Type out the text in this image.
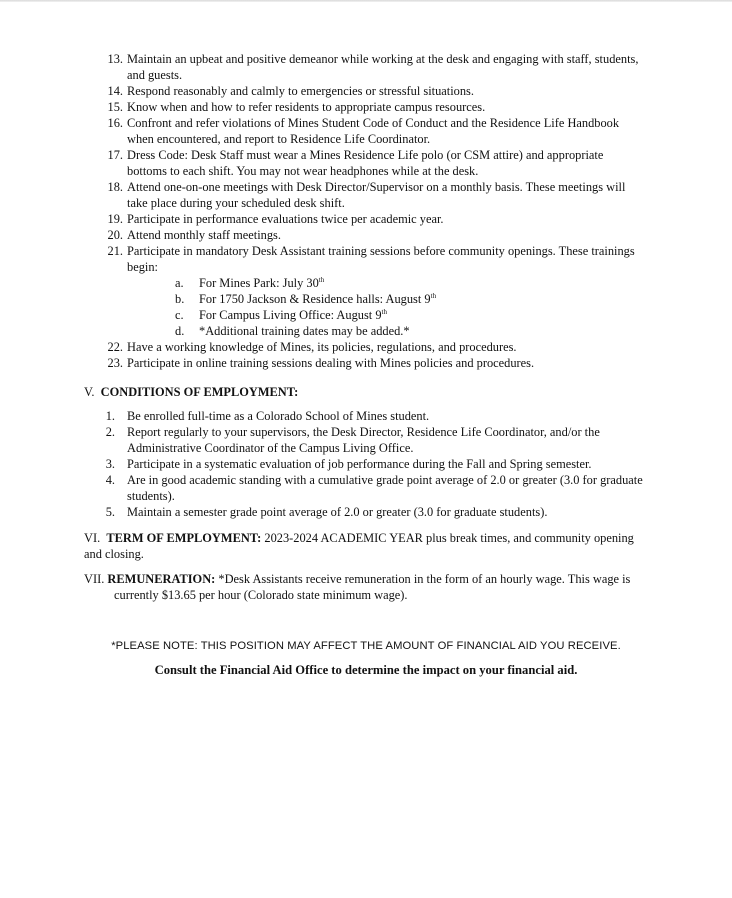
13. Maintain an upbeat and positive demeanor while working at the desk and engaging with staff, students, and guests.
14. Respond reasonably and calmly to emergencies or stressful situations.
15. Know when and how to refer residents to appropriate campus resources.
16. Confront and refer violations of Mines Student Code of Conduct and the Residence Life Handbook when encountered, and report to Residence Life Coordinator.
17. Dress Code: Desk Staff must wear a Mines Residence Life polo (or CSM attire) and appropriate bottoms to each shift. You may not wear headphones while at the desk.
18. Attend one-on-one meetings with Desk Director/Supervisor on a monthly basis. These meetings will take place during your scheduled desk shift.
19. Participate in performance evaluations twice per academic year.
20. Attend monthly staff meetings.
21. Participate in mandatory Desk Assistant training sessions before community openings. These trainings begin:
a. For Mines Park: July 30th
b. For 1750 Jackson & Residence halls: August 9th
c. For Campus Living Office: August 9th
d. *Additional training dates may be added.*
22. Have a working knowledge of Mines, its policies, regulations, and procedures.
23. Participate in online training sessions dealing with Mines policies and procedures.
V. CONDITIONS OF EMPLOYMENT:
1. Be enrolled full-time as a Colorado School of Mines student.
2. Report regularly to your supervisors, the Desk Director, Residence Life Coordinator, and/or the Administrative Coordinator of the Campus Living Office.
3. Participate in a systematic evaluation of job performance during the Fall and Spring semester.
4. Are in good academic standing with a cumulative grade point average of 2.0 or greater (3.0 for graduate students).
5. Maintain a semester grade point average of 2.0 or greater (3.0 for graduate students).
VI. TERM OF EMPLOYMENT: 2023-2024 ACADEMIC YEAR plus break times, and community opening and closing.
VII. REMUNERATION: *Desk Assistants receive remuneration in the form of an hourly wage. This wage is currently $13.65 per hour (Colorado state minimum wage).
*PLEASE NOTE: THIS POSITION MAY AFFECT THE AMOUNT OF FINANCIAL AID YOU RECEIVE.
Consult the Financial Aid Office to determine the impact on your financial aid.
